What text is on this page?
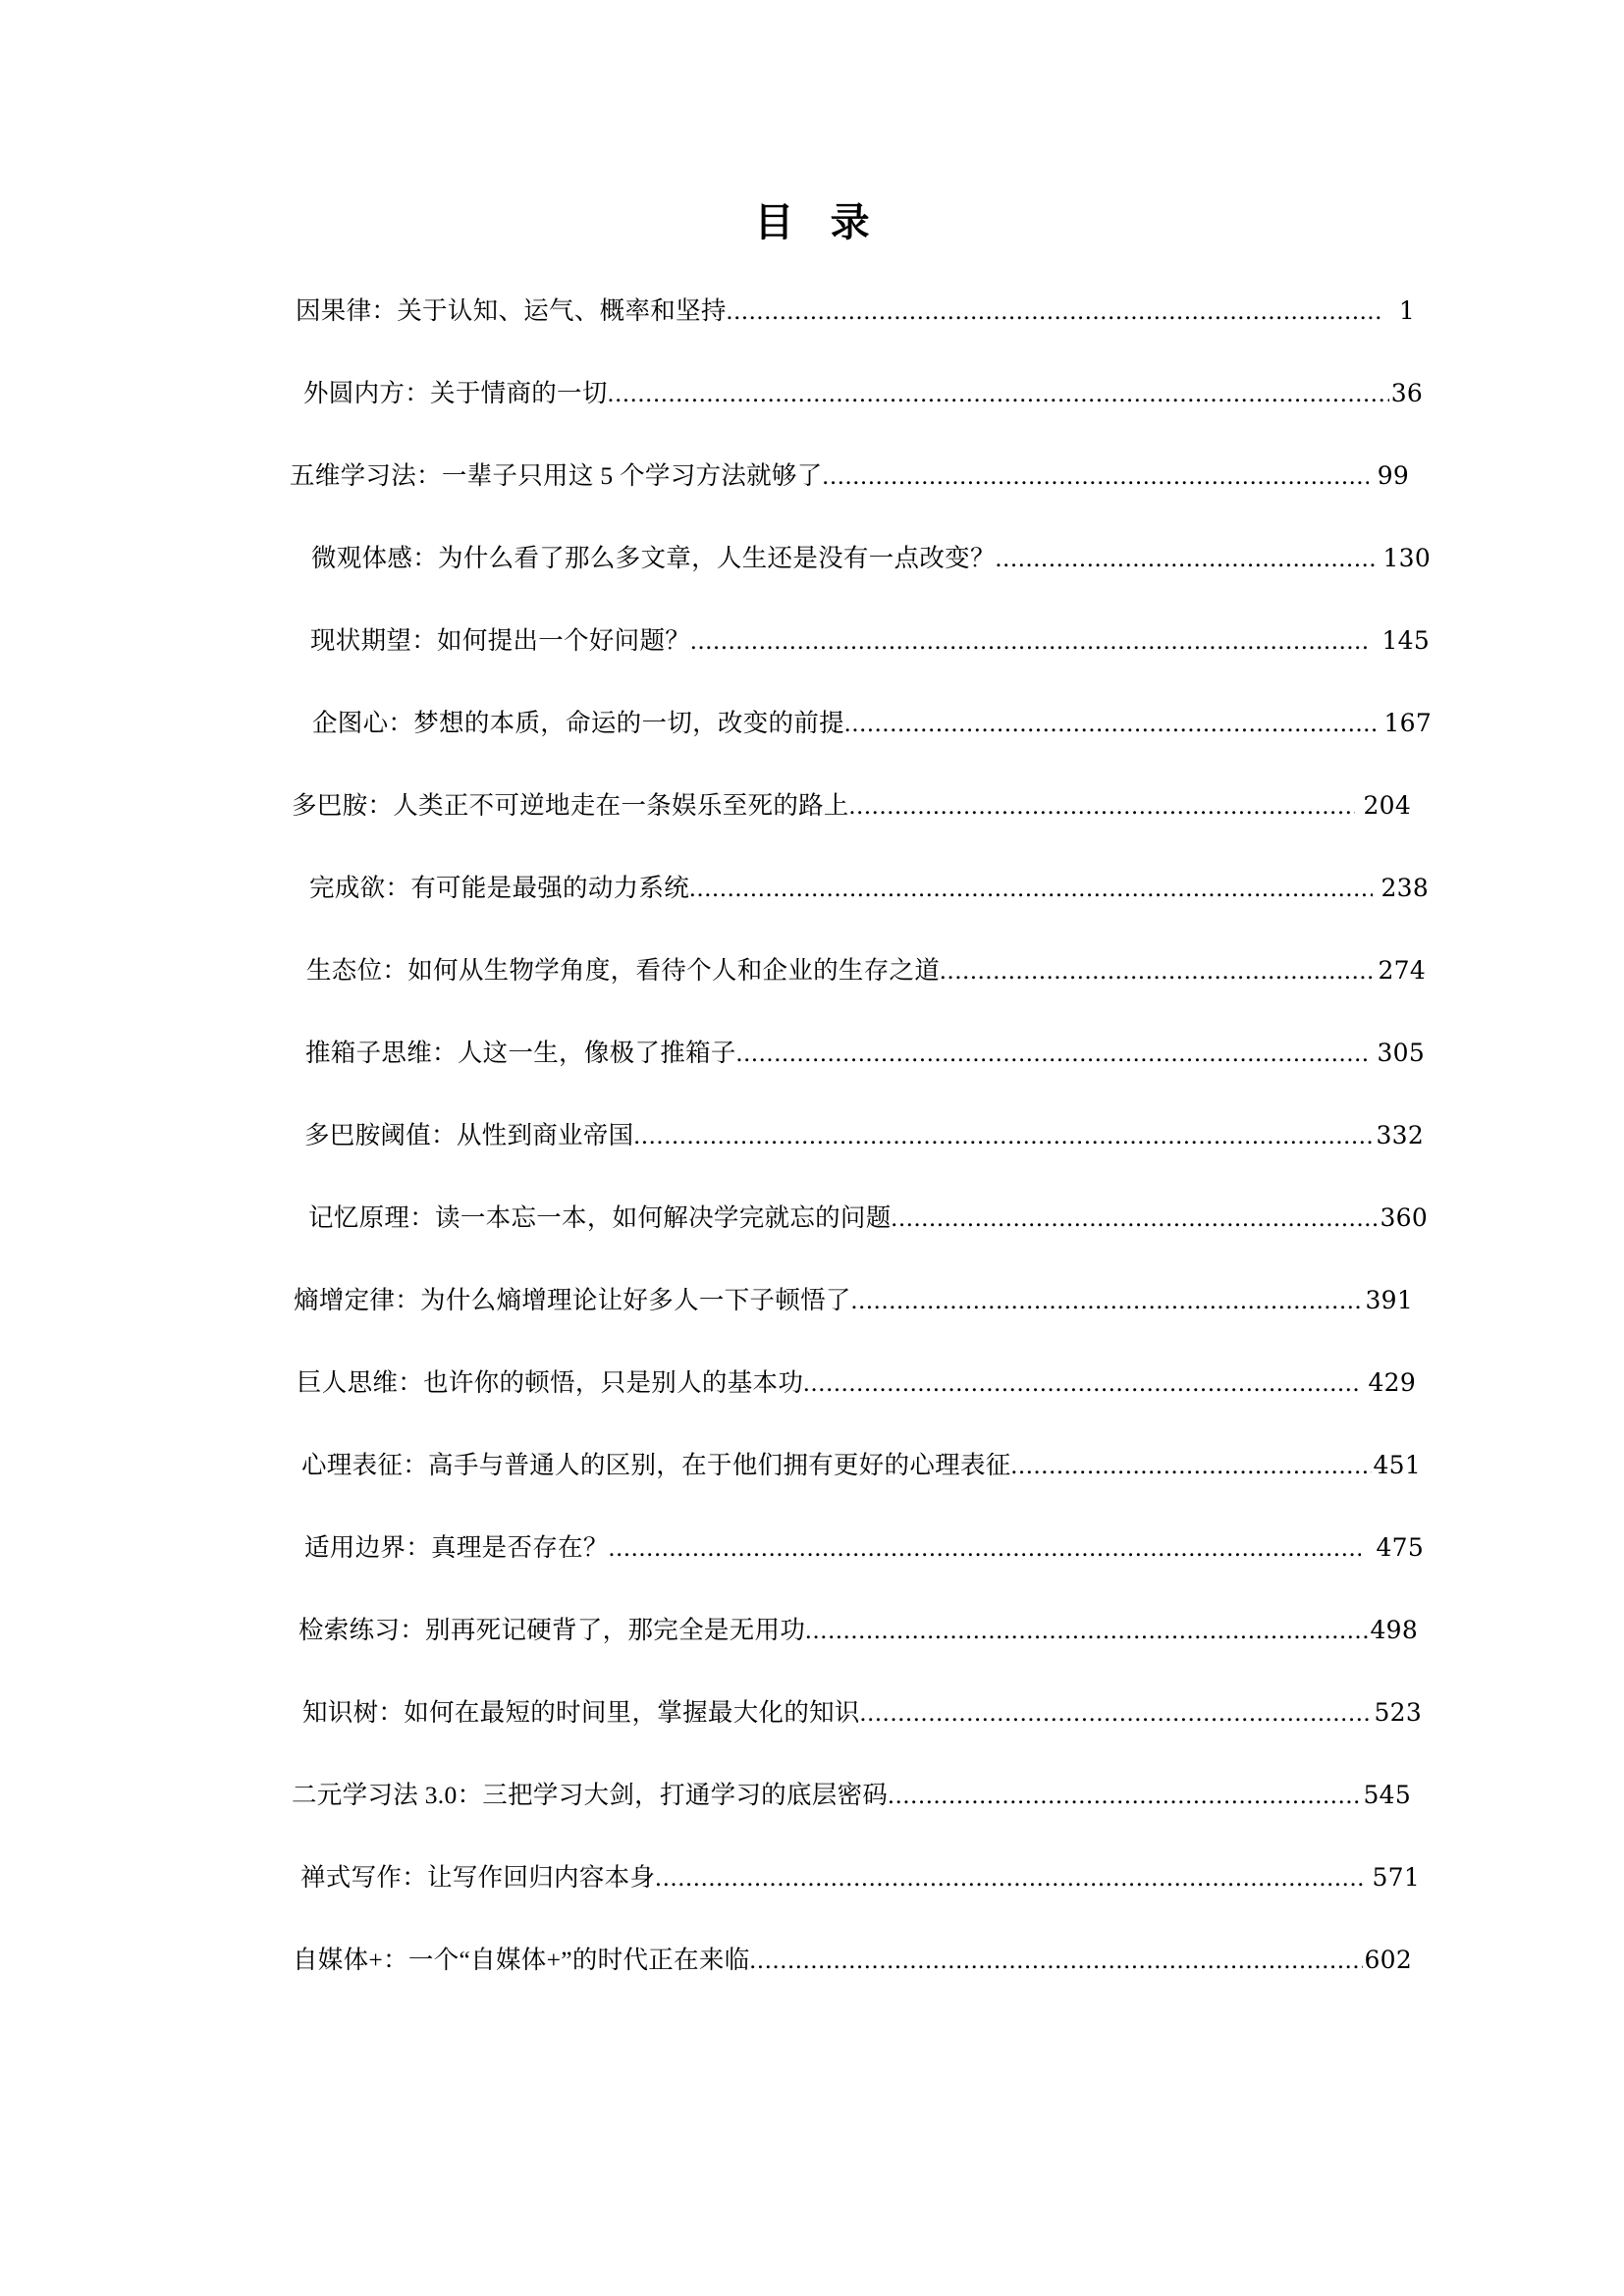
目 录
因果律：关于认知、运气、概率和坚持 .....	1
外圆内方：关于情商的一切 .....	36
五维学习法：一辈子只用这 5 个学习方法就够了 .....	99
微观体感：为什么看了那么多文章，人生还是没有一点改变？ .....	130
现状期望：如何提出一个好问题？ .....	145
企图心：梦想的本质，命运的一切，改变的前提 .....	167
多巴胺：人类正不可逆地走在一条娱乐至死的路上 .....	204
完成欲：有可能是最强的动力系统 .....	238
生态位：如何从生物学角度，看待个人和企业的生存之道 .....	274
推箱子思维：人这一生，像极了推箱子 .....	305
多巴胺阈值：从性到商业帝国 .....	332
记忆原理：读一本忘一本，如何解决学完就忘的问题 .....	360
熵增定律：为什么熵增理论让好多人一下子顿悟了 .....	391
巨人思维：也许你的顿悟，只是别人的基本功 .....	429
心理表征：高手与普通人的区别，在于他们拥有更好的心理表征 .....	451
适用边界：真理是否存在？ .....	475
检索练习：别再死记硬背了，那完全是无用功 .....	498
知识树：如何在最短的时间里，掌握最大化的知识 .....	523
二元学习法 3.0：三把学习大剑，打通学习的底层密码 .....	545
禅式写作：让写作回归内容本身 .....	571
自媒体+：一个“自媒体+”的时代正在来临 .....	602
